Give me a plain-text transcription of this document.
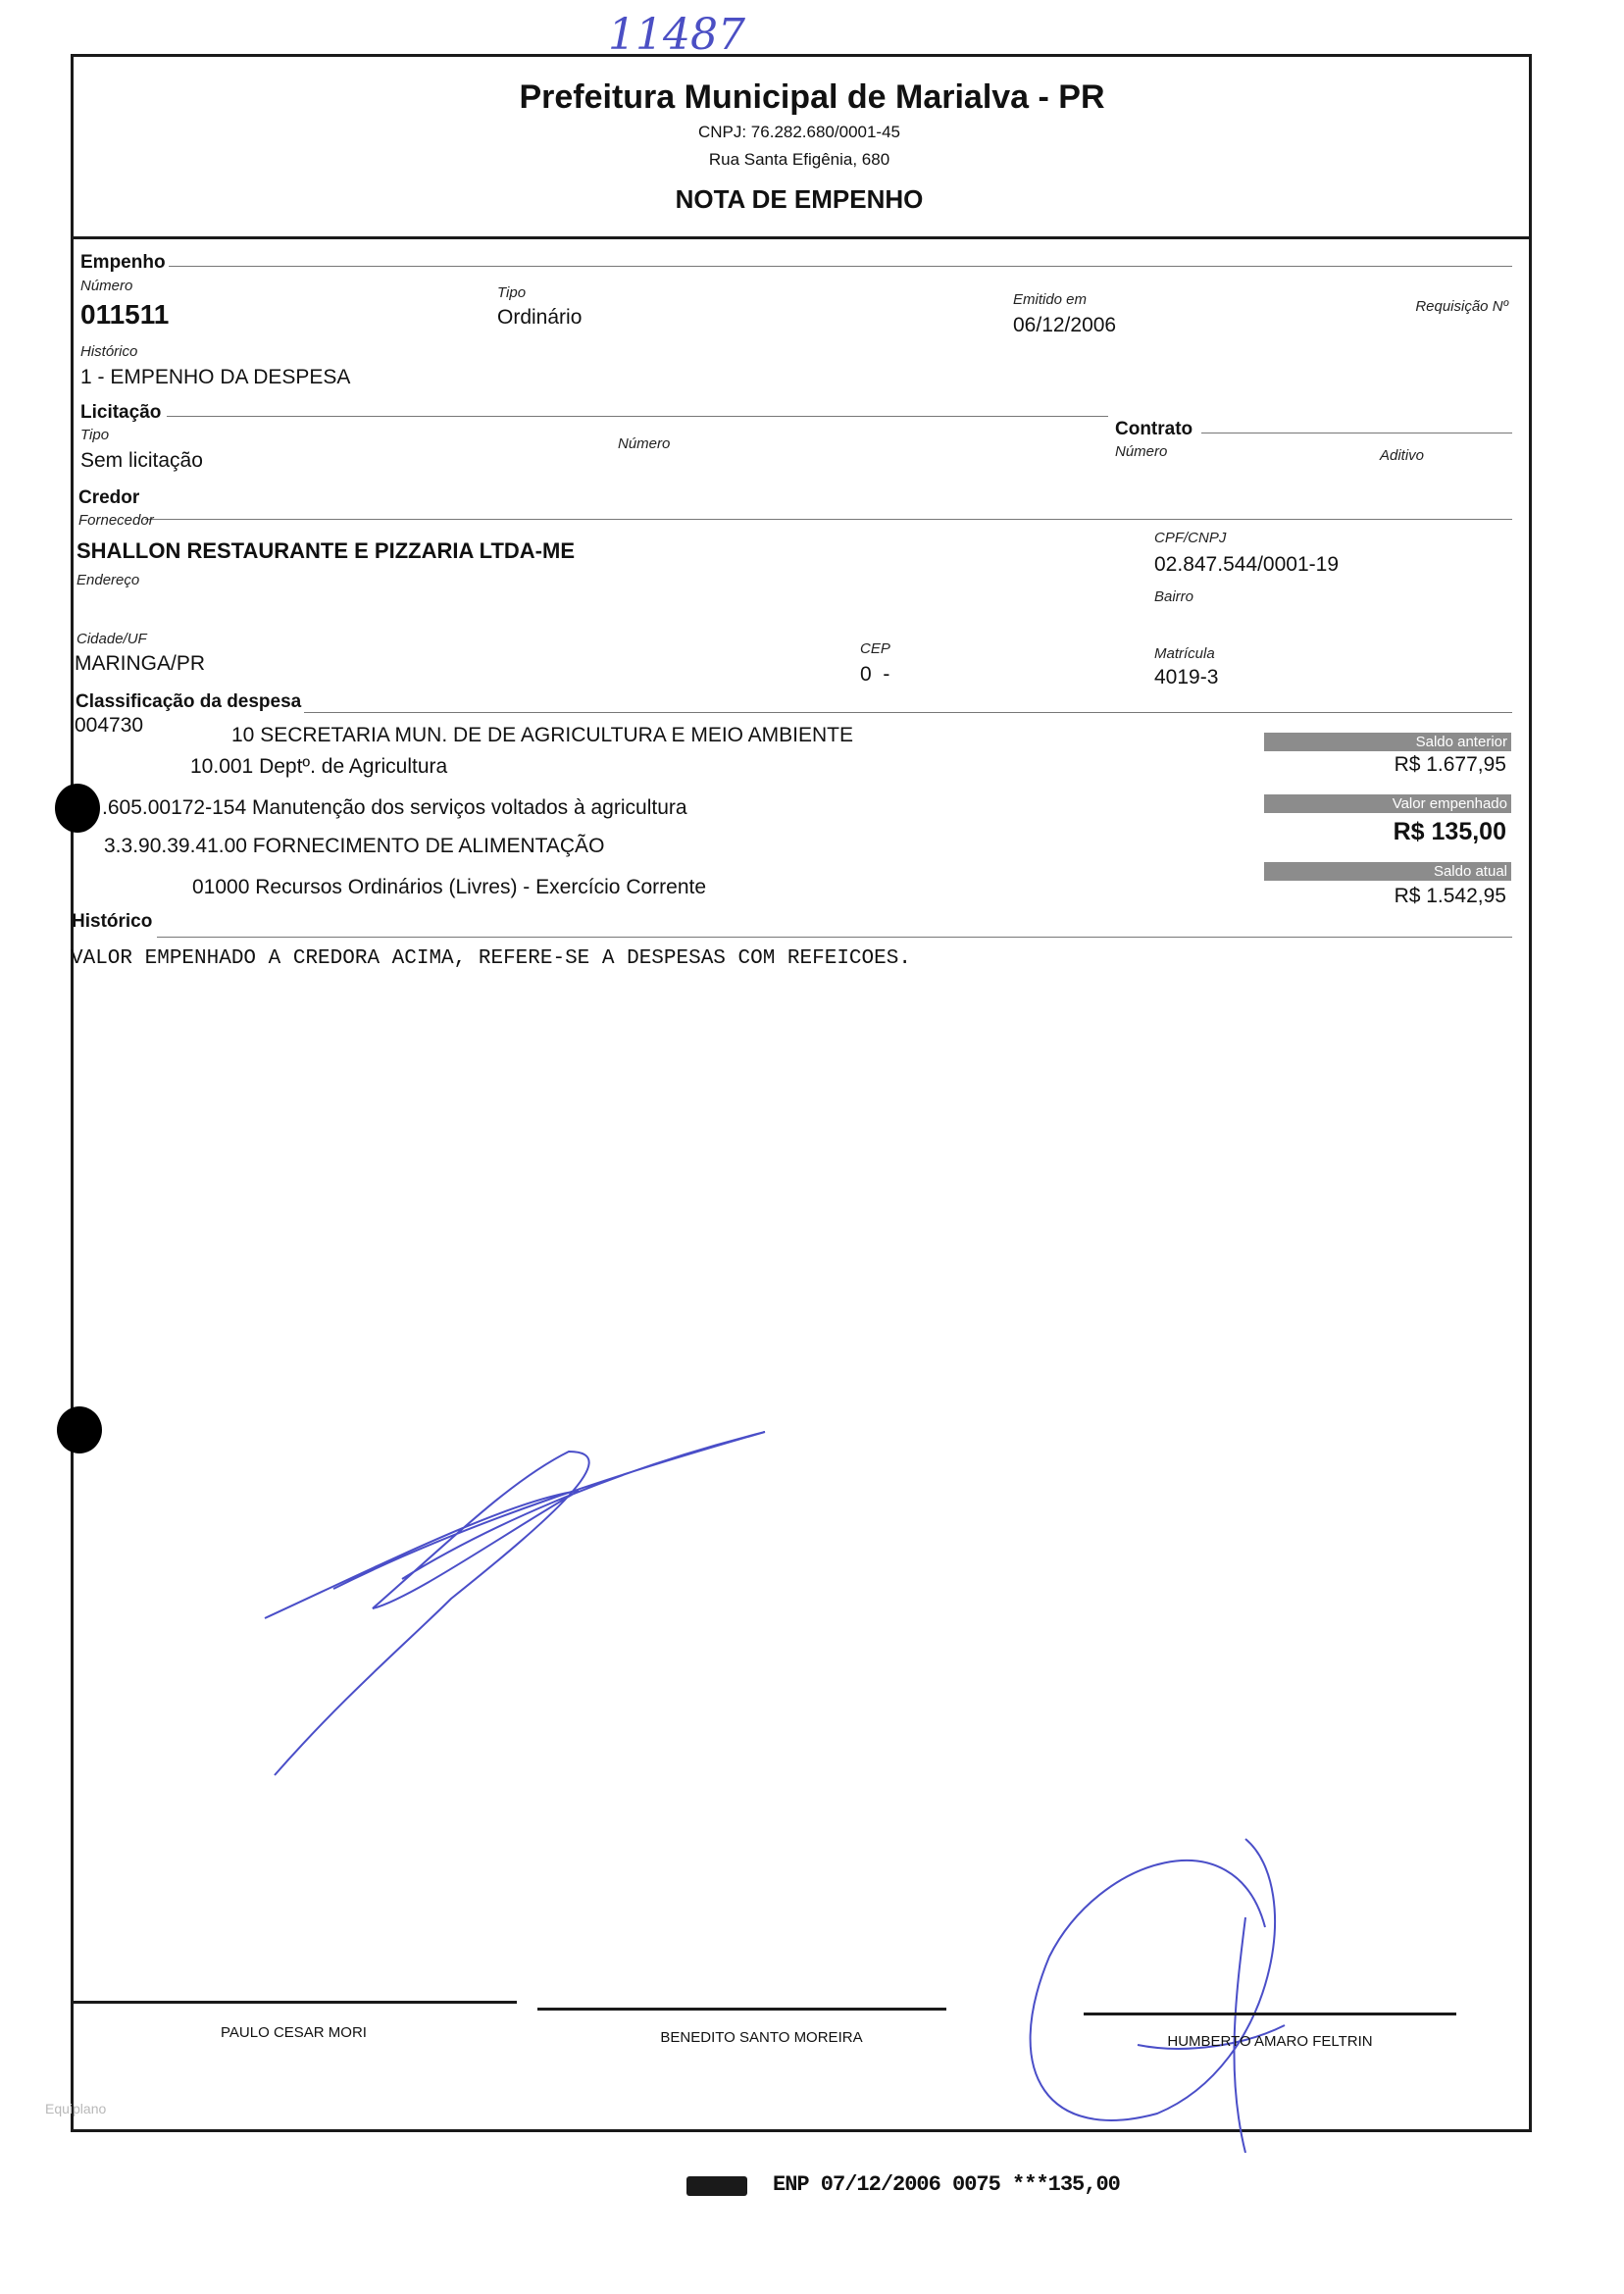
11487
Prefeitura Municipal de Marialva - PR
CNPJ: 76.282.680/0001-45
Rua Santa Efigênia, 680
NOTA DE EMPENHO
Empenho
Número
011511
Tipo
Ordinário
Emitido em
06/12/2006
Requisição Nº
Histórico
1 - EMPENHO DA DESPESA
Licitação
Tipo
Sem licitação
Número
Contrato
Número	Aditivo
Credor
Fornecedor
SHALLON RESTAURANTE E PIZZARIA LTDA-ME
CPF/CNPJ
02.847.544/0001-19
Endereço
Bairro
Cidade/UF
MARINGA/PR
CEP
0  -
Matrícula
4019-3
Classificação da despesa
004730	10 SECRETARIA MUN. DE DE AGRICULTURA E MEIO AMBIENTE
10.001 Deptº. de Agricultura
.605.00172-154 Manutenção dos serviços voltados à agricultura
3.3.90.39.41.00 FORNECIMENTO DE ALIMENTAÇÃO
01000 Recursos Ordinários (Livres) - Exercício Corrente
Saldo anterior
R$ 1.677,95
Valor empenhado
R$ 135,00
Saldo atual
R$ 1.542,95
Histórico
VALOR EMPENHADO A CREDORA ACIMA, REFERE-SE A DESPESAS COM REFEICOES.
PAULO CESAR MORI	BENEDITO SANTO MOREIRA	HUMBERTO AMARO FELTRIN
Equiplano
ENP 07/12/2006 0075 ***135,00
